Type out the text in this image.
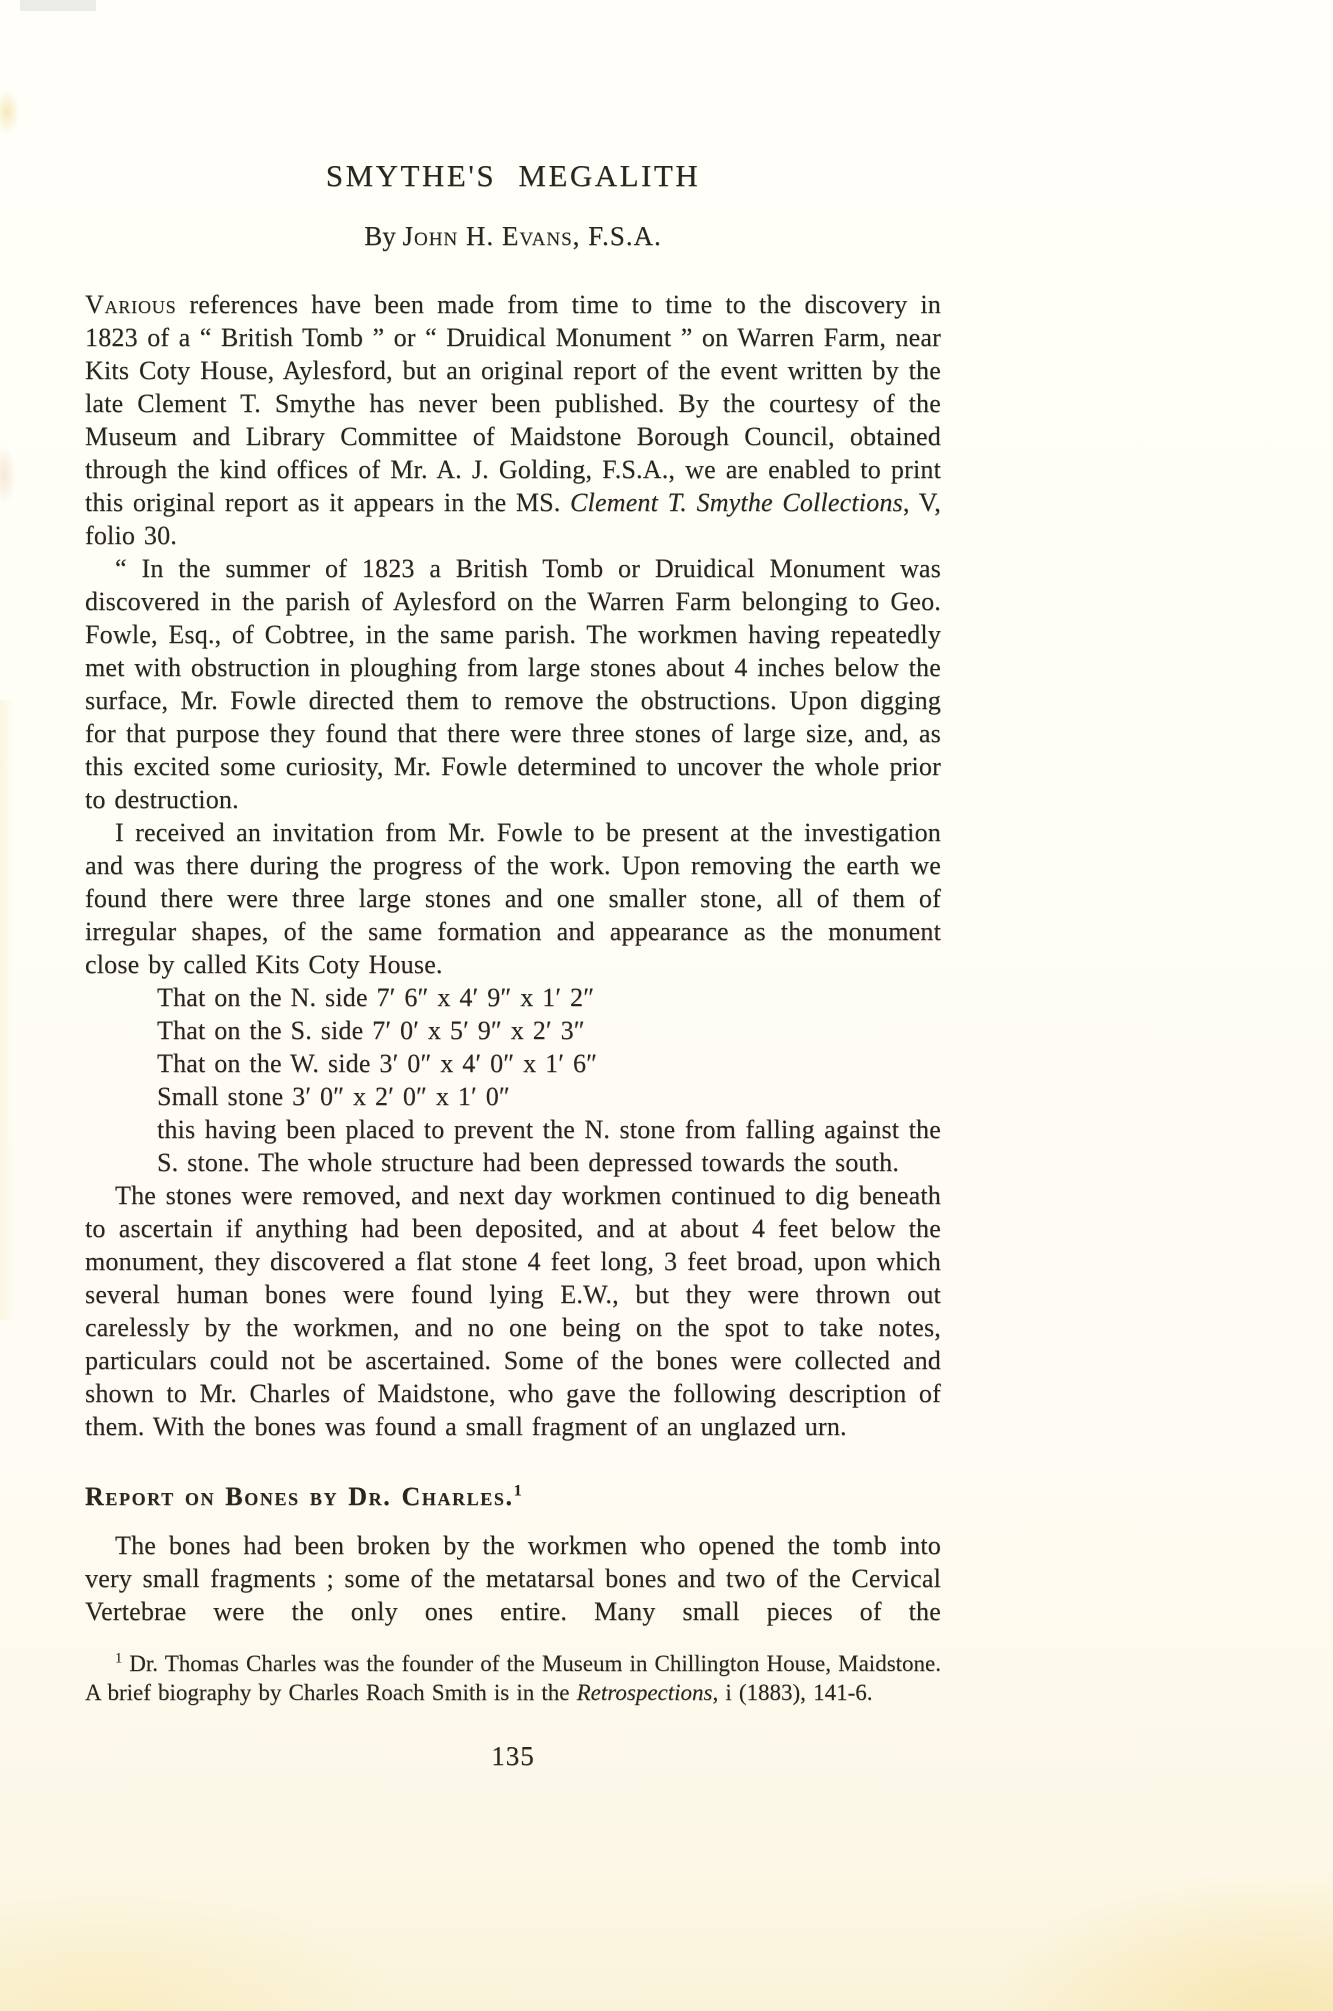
SMYTHE'S MEGALITH
By John H. Evans, F.S.A.

Various references have been made from time to time to the discovery in 1823 of a “ British Tomb ” or “ Druidical Monument ” on Warren Farm, near Kits Coty House, Aylesford, but an original report of the event written by the late Clement T. Smythe has never been published. By the courtesy of the Museum and Library Committee of Maidstone Borough Council, obtained through the kind offices of Mr. A. J. Golding, F.S.A., we are enabled to print this original report as it appears in the MS. Clement T. Smythe Collections, V, folio 30.

“ In the summer of 1823 a British Tomb or Druidical Monument was discovered in the parish of Aylesford on the Warren Farm belonging to Geo. Fowle, Esq., of Cobtree, in the same parish. The workmen having repeatedly met with obstruction in ploughing from large stones about 4 inches below the surface, Mr. Fowle directed them to remove the obstructions. Upon digging for that purpose they found that there were three stones of large size, and, as this excited some curiosity, Mr. Fowle determined to uncover the whole prior to destruction.

I received an invitation from Mr. Fowle to be present at the investigation and was there during the progress of the work. Upon removing the earth we found there were three large stones and one smaller stone, all of them of irregular shapes, of the same formation and appearance as the monument close by called Kits Coty House.

That on the N. side 7′ 6″ x 4′ 9″ x 1′ 2″
That on the S. side 7′ 0′ x 5′ 9″ x 2′ 3″
That on the W. side 3′ 0″ x 4′ 0″ x 1′ 6″
Small stone 3′ 0″ x 2′ 0″ x 1′ 0″

this having been placed to prevent the N. stone from falling against the S. stone. The whole structure had been depressed towards the south.

The stones were removed, and next day workmen continued to dig beneath to ascertain if anything had been deposited, and at about 4 feet below the monument, they discovered a flat stone 4 feet long, 3 feet broad, upon which several human bones were found lying E.W., but they were thrown out carelessly by the workmen, and no one being on the spot to take notes, particulars could not be ascertained. Some of the bones were collected and shown to Mr. Charles of Maidstone, who gave the following description of them. With the bones was found a small fragment of an unglazed urn.

Report on Bones by Dr. Charles.$^1$

The bones had been broken by the workmen who opened the tomb into very small fragments ; some of the metatarsal bones and two of the Cervical Vertebrae were the only ones entire. Many small pieces of the

$^1$ Dr. Thomas Charles was the founder of the Museum in Chillington House, Maidstone. A brief biography by Charles Roach Smith is in the Retrospections, i (1883), 141-6.
135
